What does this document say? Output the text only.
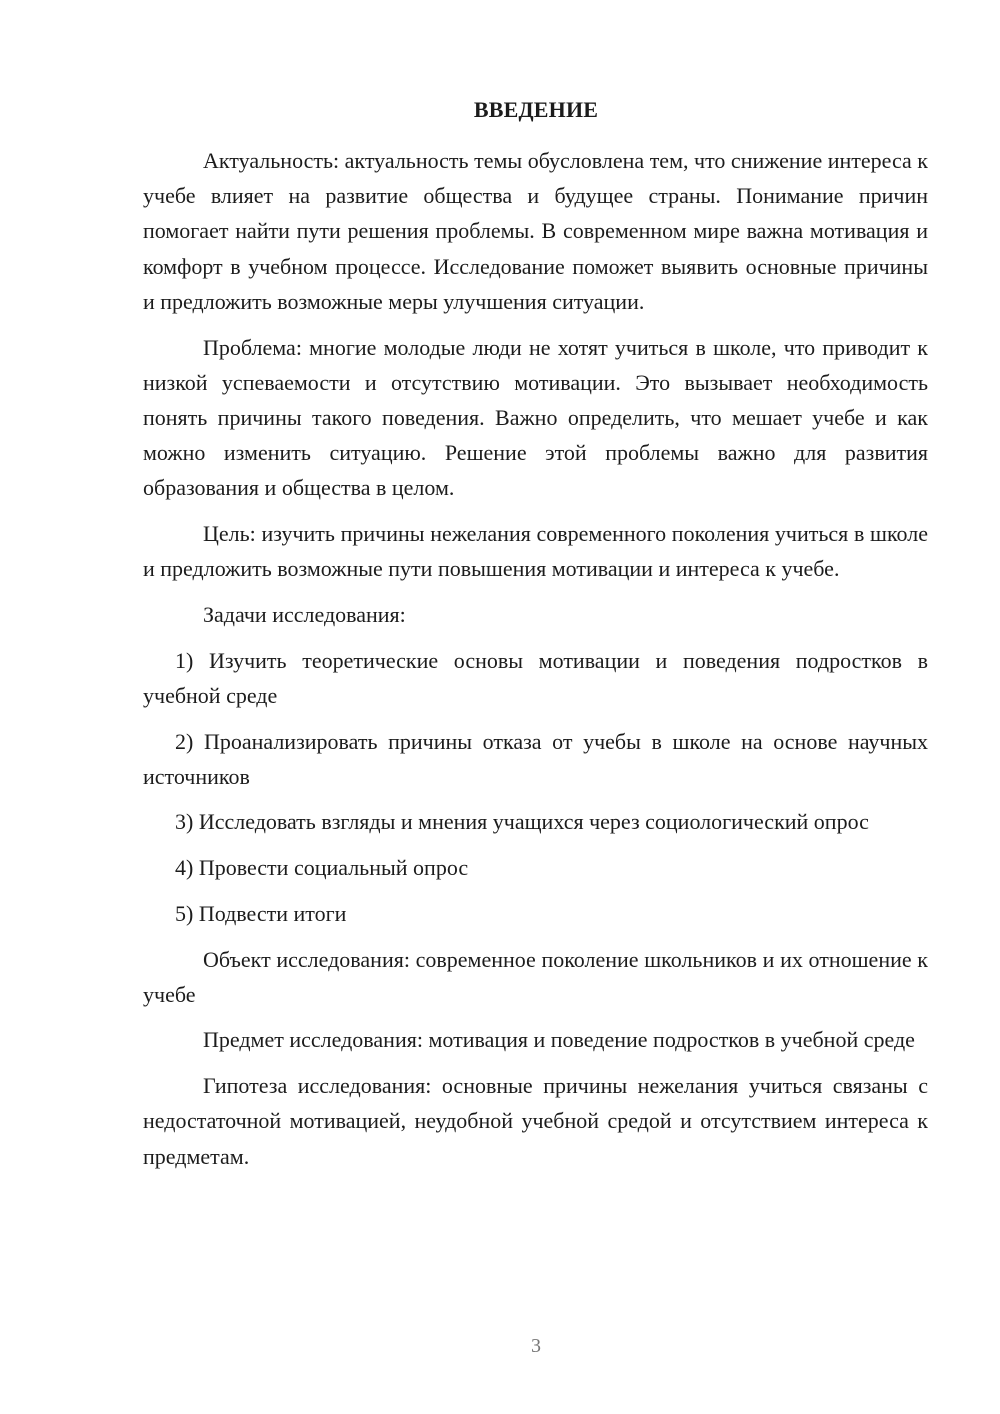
ВВЕДЕНИЕ

Актуальность: актуальность темы обусловлена тем, что снижение интереса к учебе влияет на развитие общества и будущее страны. Понимание причин помогает найти пути решения проблемы. В современном мире важна мотивация и комфорт в учебном процессе. Исследование поможет выявить основные причины и предложить возможные меры улучшения ситуации.

Проблема: многие молодые люди не хотят учиться в школе, что приводит к низкой успеваемости и отсутствию мотивации. Это вызывает необходимость понять причины такого поведения. Важно определить, что мешает учебе и как можно изменить ситуацию. Решение этой проблемы важно для развития образования и общества в целом.

Цель: изучить причины нежелания современного поколения учиться в школе и предложить возможные пути повышения мотивации и интереса к учебе.

Задачи исследования:

1) Изучить теоретические основы мотивации и поведения подростков в учебной среде

2) Проанализировать причины отказа от учебы в школе на основе научных источников

3) Исследовать взгляды и мнения учащихся через социологический опрос

4) Провести социальный опрос

5) Подвести итоги

Объект исследования: современное поколение школьников и их отношение к учебе

Предмет исследования: мотивация и поведение подростков в учебной среде

Гипотеза исследования: основные причины нежелания учиться связаны с недостаточной мотивацией, неудобной учебной средой и отсутствием интереса к предметам.

3
